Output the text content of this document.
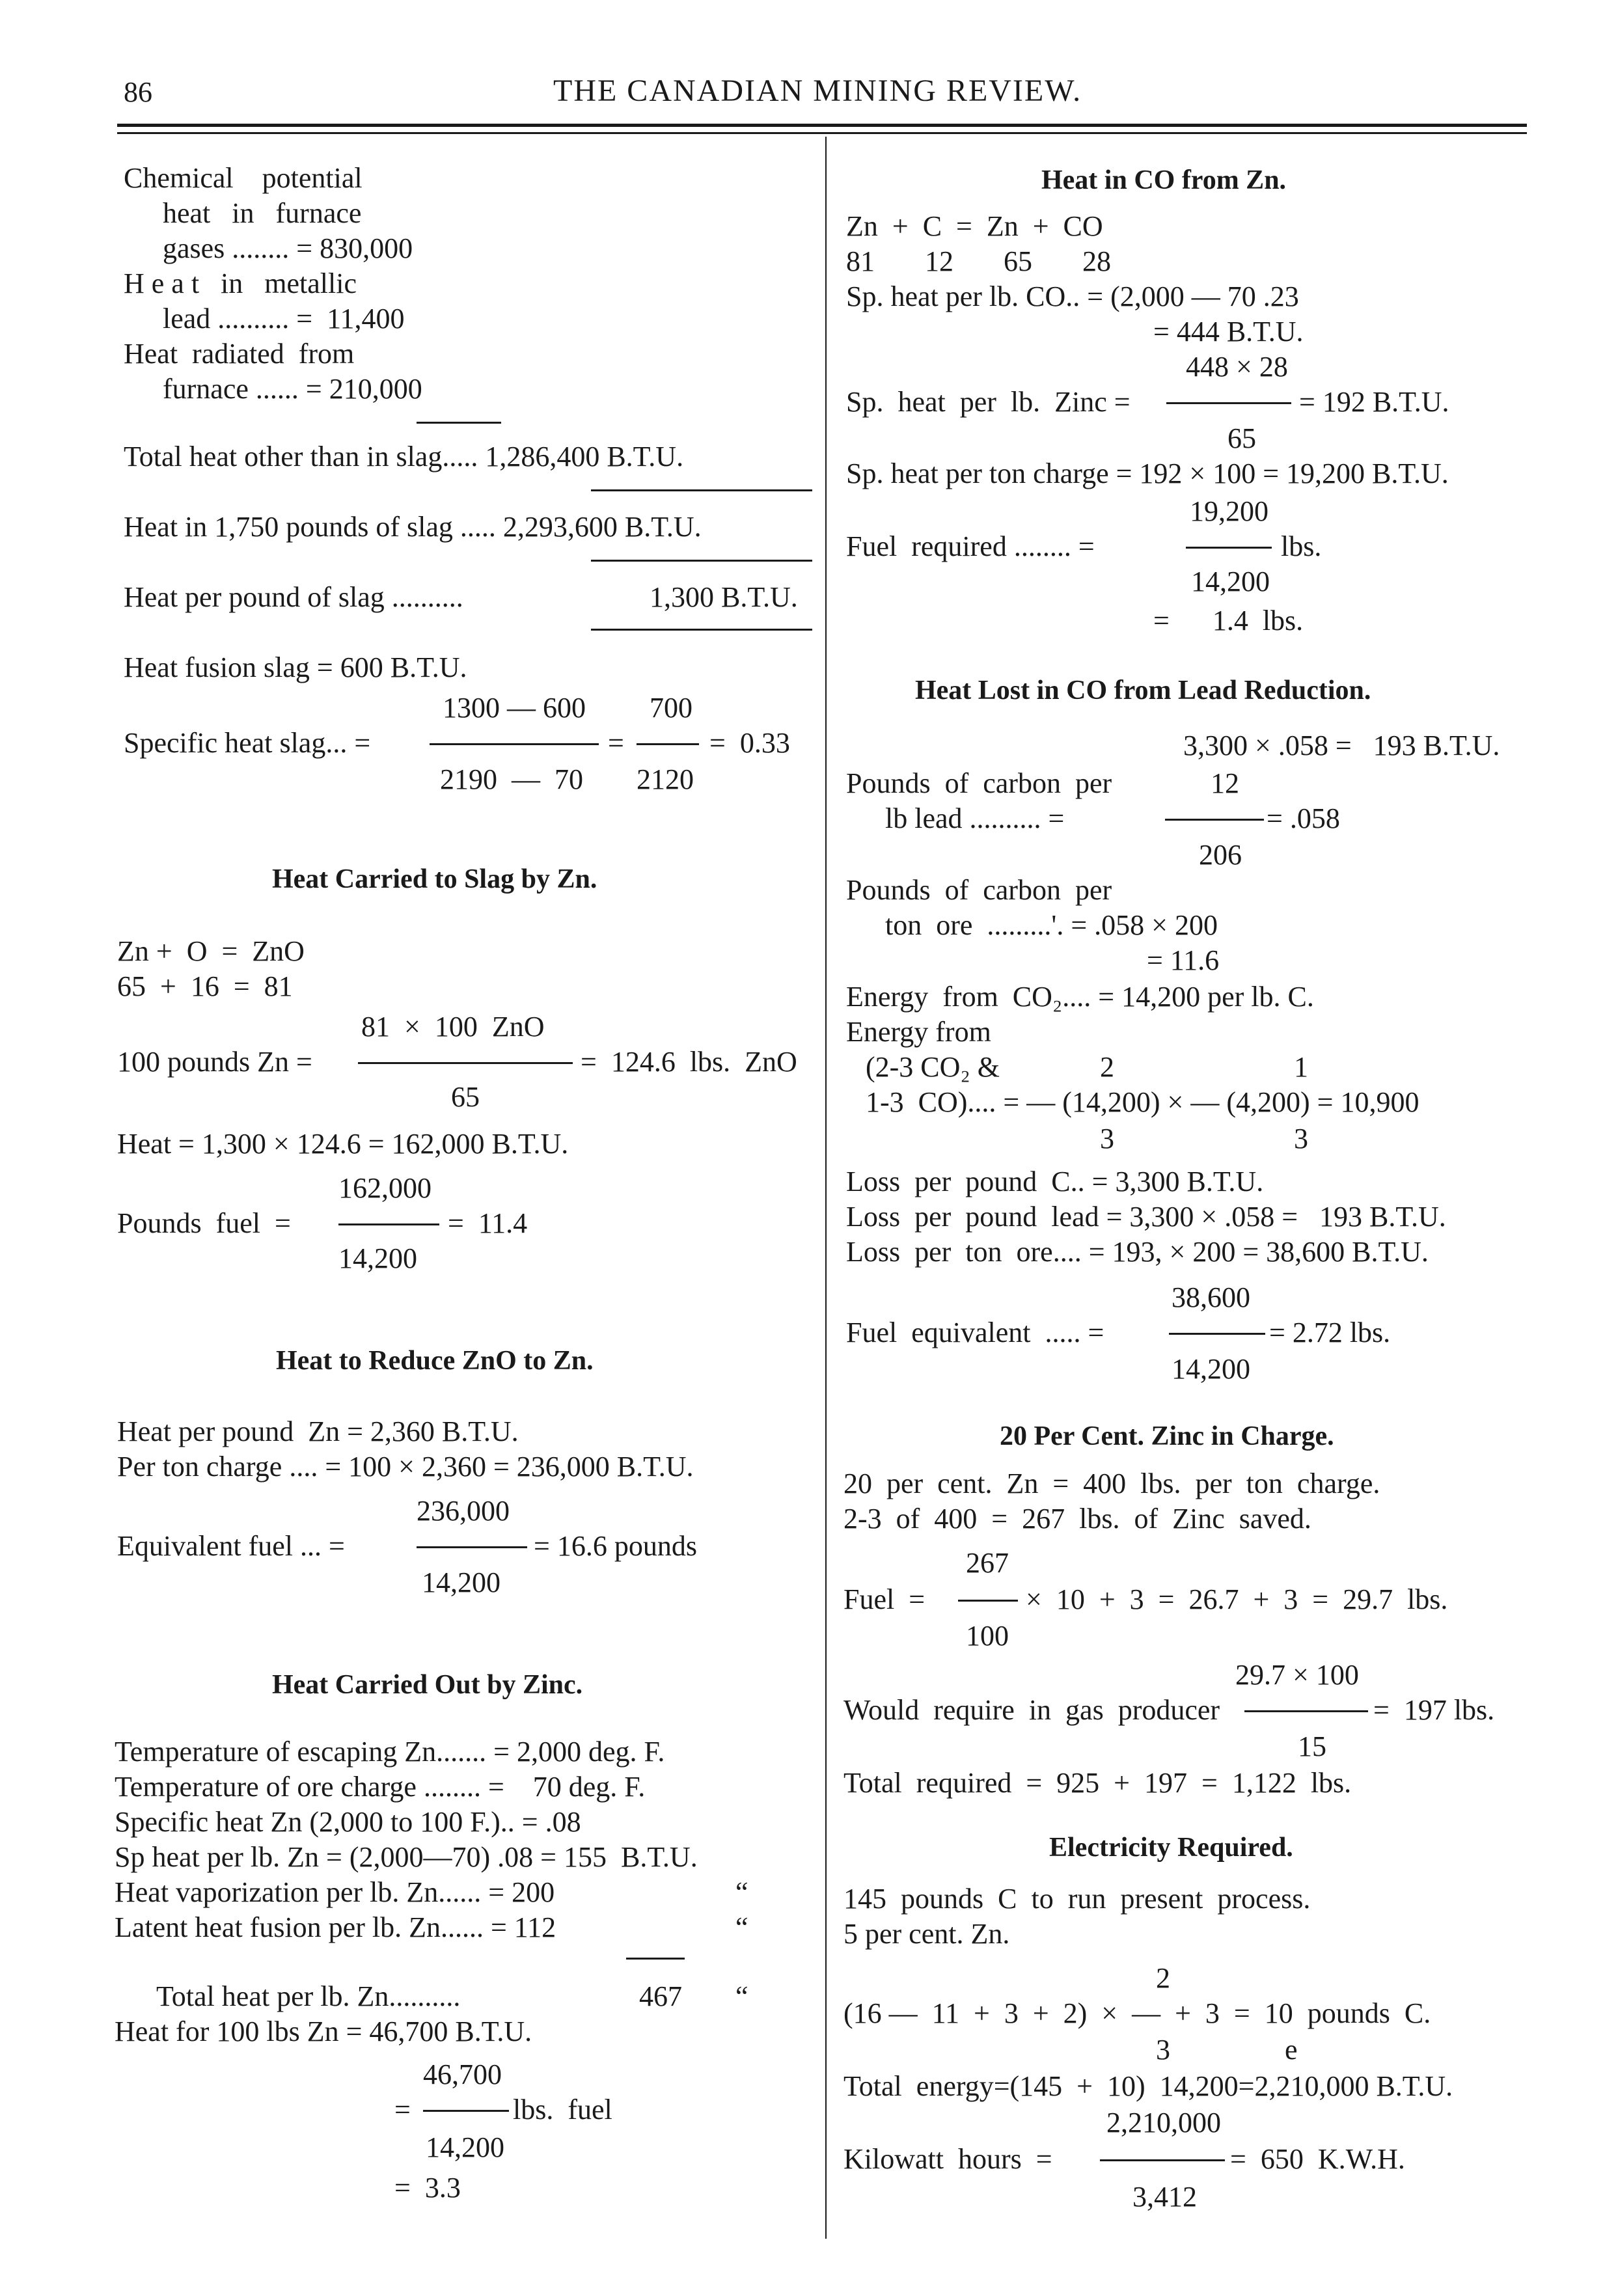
86	THE CANADIAN MINING REVIEW.
Chemical    potential
heat   in   furnace
gases ........ = 830,000
H e a t   in   metallic
lead .......... =  11,400
Heat  radiated  from
furnace ...... = 210,000
Total heat other than in slag..... 1,286,400 B.T.U.
Heat in 1,750 pounds of slag ..... 2,293,600 B.T.U.
Heat per pound of slag ..........	1,300 B.T.U.
Heat fusion slag = 600 B.T.U.
1300 — 600 700
Specific heat slag... =	=	=  0.33
2190  —  70 2120
Heat Carried to Slag by Zn.
Zn +  O  =  ZnO
65  +  16  =  81
81  ×  100  ZnO
100 pounds Zn =	=  124.6  lbs.  ZnO
65
Heat = 1,300 × 124.6 = 162,000 B.T.U.
162,000
Pounds  fuel  =	=  11.4
14,200
Heat to Reduce ZnO to Zn.
Heat per pound  Zn = 2,360 B.T.U.
Per ton charge .... = 100 × 2,360 = 236,000 B.T.U.
236,000
Equivalent fuel ... =	= 16.6 pounds
14,200
Heat Carried Out by Zinc.
Temperature of escaping Zn....... = 2,000 deg. F.
Temperature of ore charge ........ =    70 deg. F.
Specific heat Zn (2,000 to 100 F.).. = .08
Sp heat per lb. Zn = (2,000—70) .08 = 155  B.T.U.
Heat vaporization per lb. Zn...... = 200	“
Latent heat fusion per lb. Zn...... = 112	“
Total heat per lb. Zn..........	467 “
Heat for 100 lbs Zn = 46,700 B.T.U.
46,700
=	lbs.  fuel
14,200
=  3.3
Heat in CO from Zn.
Zn  +  C  =  Zn  +  CO
81       12       65       28
Sp. heat per lb. CO.. = (2,000 — 70 .23
= 444 B.T.U.
448 × 28
Sp.  heat  per  lb.  Zinc =	= 192 B.T.U.
65
Sp. heat per ton charge = 192 × 100 = 19,200 B.T.U.
19,200
Fuel  required ........ =	lbs.
14,200
=      1.4  lbs.
Heat Lost in CO from Lead Reduction.
3,300 × .058 =   193 B.T.U.
Pounds  of  carbon  per	12
lb lead .......... =	= .058
206
Pounds  of  carbon  per
ton  ore  .........'. = .058 × 200
= 11.6
Energy  from  CO₂.... = 14,200 per lb. C.
Energy from
(2-3 CO₂ &	2	1
1-3  CO).... = — (14,200) × — (4,200) = 10,900
3	3
Loss  per  pound  C.. = 3,300 B.T.U.
Loss  per  pound  lead = 3,300 × .058 =   193 B.T.U.
Loss  per  ton  ore.... = 193, × 200 = 38,600 B.T.U.
38,600
Fuel  equivalent  ..... =	= 2.72 lbs.
14,200
20 Per Cent. Zinc in Charge.
20  per  cent.  Zn  =  400  lbs.  per  ton  charge.
2-3  of  400  =  267  lbs.  of  Zinc  saved.
267
Fuel  =	×  10  +  3  =  26.7  +  3  =  29.7  lbs.
100
29.7 × 100
Would  require  in  gas  producer	=  197 lbs.
15
Total  required  =  925  +  197  =  1,122  lbs.
Electricity Required.
145  pounds  C  to  run  present  process.
5 per cent. Zn.
2
(16 —  11  +  3  +  2)  ×  —  +  3  =  10  pounds  C.
3	e
Total  energy=(145  +  10)  14,200=2,210,000 B.T.U.
2,210,000
Kilowatt  hours  =	=  650  K.W.H.
3,412
